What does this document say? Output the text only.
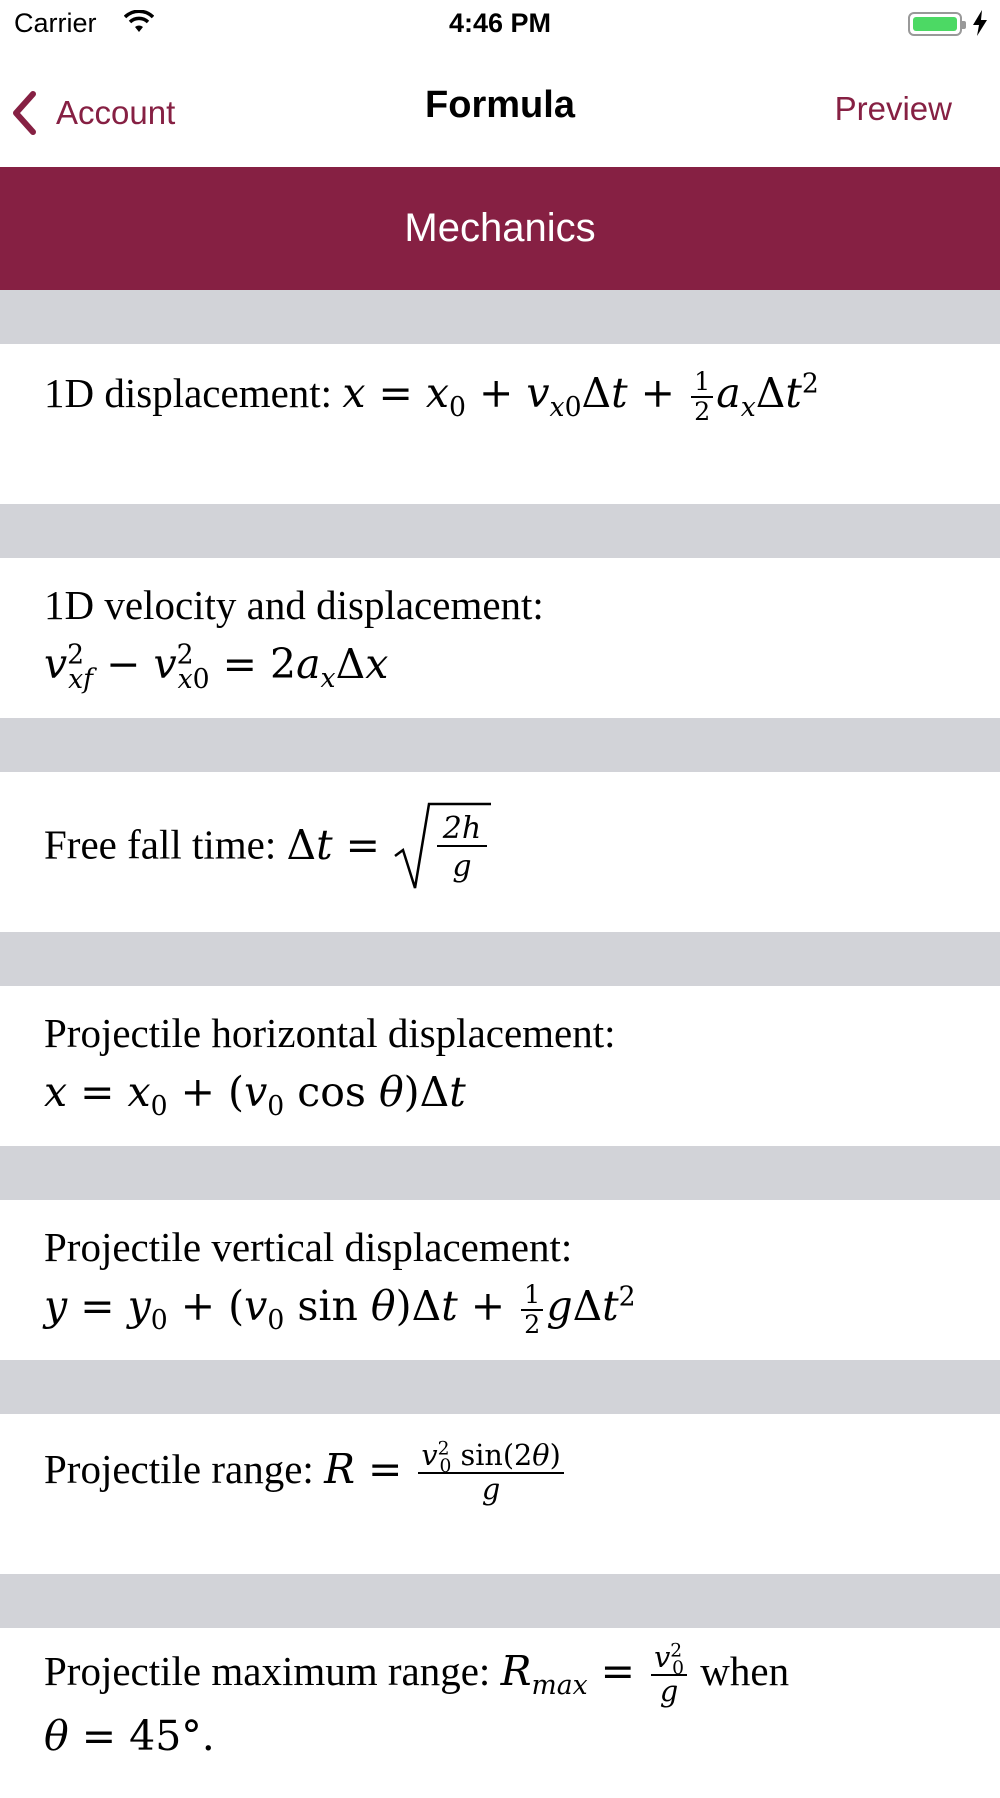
Carrier	4:46 PM
Account	Formula	Preview
Mechanics
1D displacement: $x = x_0 + v_{x0}\Delta t + \frac{1}{2} a_x\Delta t^2$
1D velocity and displacement:
$v^2_{xf} - v^2_{x0} = 2a_x\Delta x$
Free fall time: Δt = 2h
g
Projectile horizontal displacement:
$x = x_0 + (v_0$ cos θ)Δt
Projectile vertical displacement:
$y = y_0 + (v_0$ $\sin \theta)\Delta t + \frac{1}{2} g\Delta t^2$
Projectile range: $R = \frac{v^2_0 \sin(2\theta)}{g}$
Projectile maximum range: $R_{max} = \frac{v^2_0}{g}$ when
θ = 45°.
